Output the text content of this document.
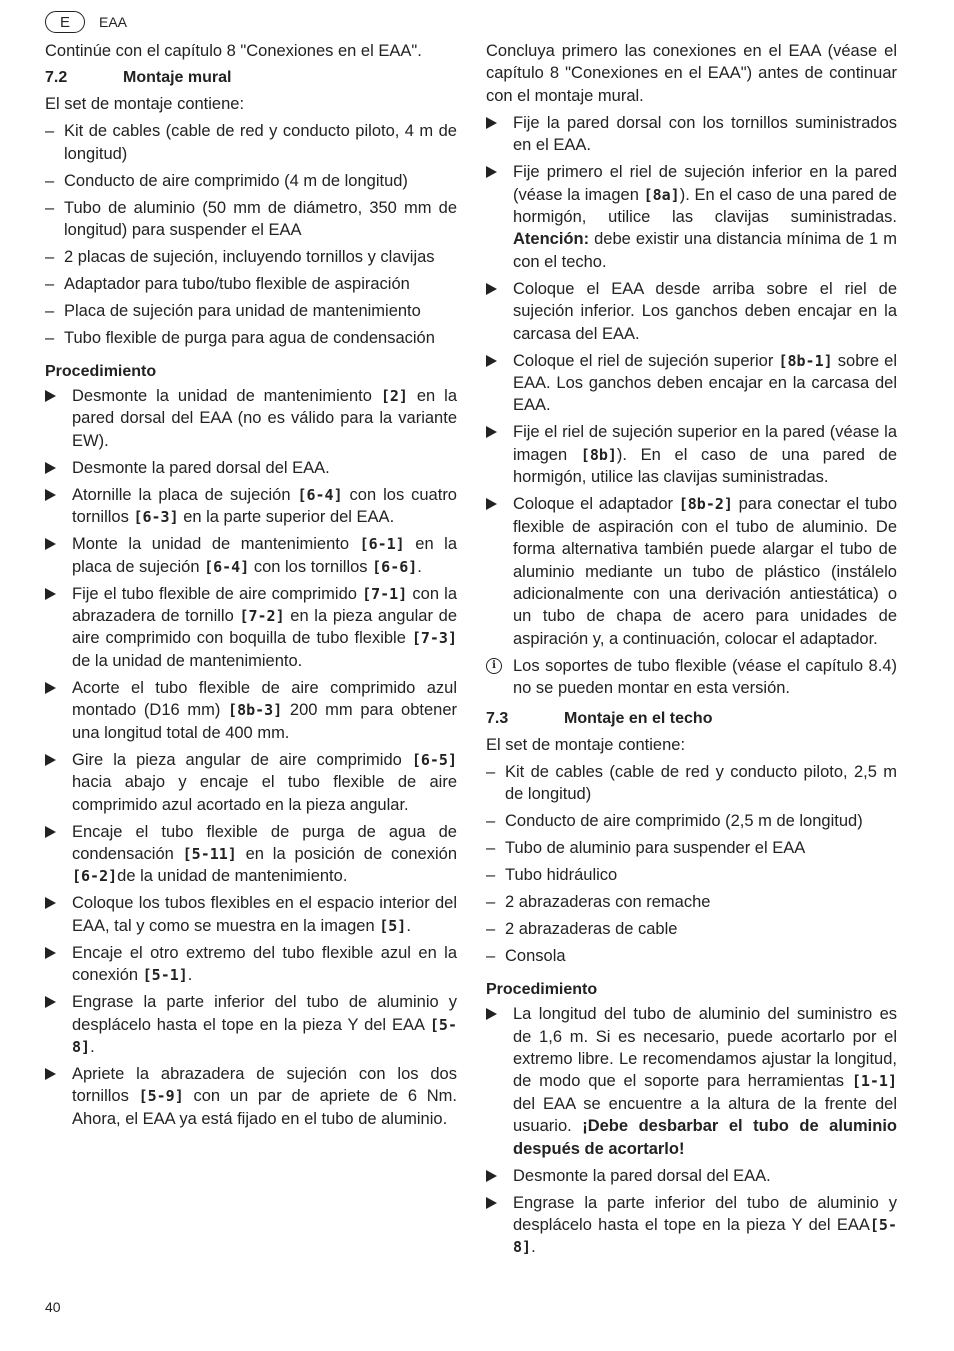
E	EAA

Continúe con el capítulo 8 "Conexiones en el EAA".

7.2	Montaje mural

El set de montaje contiene:

– Kit de cables (cable de red y conducto piloto, 4 m de longitud)
– Conducto de aire comprimido (4 m de longitud)
– Tubo de aluminio (50 mm de diámetro, 350 mm de longitud) para suspender el EAA
– 2 placas de sujeción, incluyendo tornillos y clavijas
– Adaptador para tubo/tubo flexible de aspiración
– Placa de sujeción para unidad de mantenimiento
– Tubo flexible de purga para agua de condensación

Procedimiento

Desmonte la unidad de mantenimiento [2] en la pared dorsal del EAA (no es válido para la variante EW).
Desmonte la pared dorsal del EAA.
Atornille la placa de sujeción [6-4] con los cuatro tornillos [6-3] en la parte superior del EAA.
Monte la unidad de mantenimiento [6-1] en la placa de sujeción [6-4] con los tornillos [6-6].
Fije el tubo flexible de aire comprimido [7-1] con la abrazadera de tornillo [7-2] en la pieza angular de aire comprimido con boquilla de tubo flexible [7-3] de la unidad de mantenimiento.
Acorte el tubo flexible de aire comprimido azul montado (D16 mm) [8b-3] 200 mm para obtener una longitud total de 400 mm.
Gire la pieza angular de aire comprimido [6-5] hacia abajo y encaje el tubo flexible de aire comprimido azul acortado en la pieza angular.
Encaje el tubo flexible de purga de agua de condensación [5-11] en la posición de conexión [6-2]de la unidad de mantenimiento.
Coloque los tubos flexibles en el espacio interior del EAA, tal y como se muestra en la imagen [5].
Encaje el otro extremo del tubo flexible azul en la conexión [5-1].
Engrase la parte inferior del tubo de aluminio y desplácelo hasta el tope en la pieza Y del EAA [5-8].
Apriete la abrazadera de sujeción con los dos tornillos [5-9] con un par de apriete de 6 Nm. Ahora, el EAA ya está fijado en el tubo de aluminio.

Concluya primero las conexiones en el EAA (véase el capítulo 8 "Conexiones en el EAA") antes de continuar con el montaje mural.

Fije la pared dorsal con los tornillos suministrados en el EAA.
Fije primero el riel de sujeción inferior en la pared (véase la imagen [8a]). En el caso de una pared de hormigón, utilice las clavijas suministradas. Atención: debe existir una distancia mínima de 1 m con el techo.
Coloque el EAA desde arriba sobre el riel de sujeción inferior. Los ganchos deben encajar en la carcasa del EAA.
Coloque el riel de sujeción superior [8b-1] sobre el EAA. Los ganchos deben encajar en la carcasa del EAA.
Fije el riel de sujeción superior en la pared (véase la imagen [8b]). En el caso de una pared de hormigón, utilice las clavijas suministradas.
Coloque el adaptador [8b-2] para conectar el tubo flexible de aspiración con el tubo de aluminio. De forma alternativa también puede alargar el tubo de aluminio mediante un tubo de plástico (instálelo adicionalmente con una derivación antiestática) o un tubo de chapa de acero para unidades de aspiración y, a continuación, colocar el adaptador.
i	Los soportes de tubo flexible (véase el capítulo 8.4) no se pueden montar en esta versión.
7.3	Montaje en el techo

El set de montaje contiene:

– Kit de cables (cable de red y conducto piloto, 2,5 m de longitud)
– Conducto de aire comprimido (2,5 m de longitud)
– Tubo de aluminio para suspender el EAA
– Tubo hidráulico
– 2 abrazaderas con remache
– 2 abrazaderas de cable
– Consola

Procedimiento

La longitud del tubo de aluminio del suministro es de 1,6 m. Si es necesario, puede acortarlo por el extremo libre. Le recomendamos ajustar la longitud, de modo que el soporte para herramientas [1-1] del EAA se encuentre a la altura de la frente del usuario. ¡Debe desbarbar el tubo de aluminio después de acortarlo!
Desmonte la pared dorsal del EAA.
Engrase la parte inferior del tubo de aluminio y desplácelo hasta el tope en la pieza Y del EAA[5-8].
40
